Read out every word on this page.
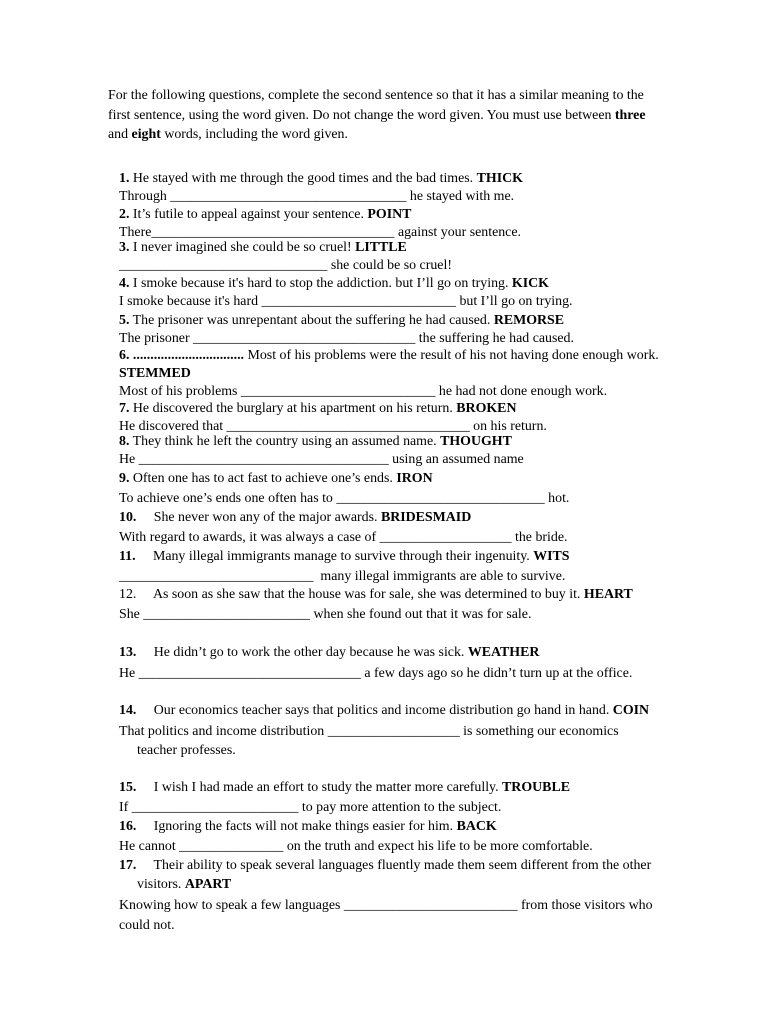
For the following questions, complete the second sentence so that it has a similar meaning to the first sentence, using the word given. Do not change the word given. You must use between three and eight words, including the word given.
1. He stayed with me through the good times and the bad times. THICK
Through __________________________________ he stayed with me.
2. It’s futile to appeal against your sentence. POINT
There___________________________________ against your sentence.
3. I never imagined she could be so cruel! LITTLE
______________________________ she could be so cruel!
4. I smoke because it's hard to stop the addiction. but I’ll go on trying. KICK
I smoke because it's hard ____________________________ but I’ll go on trying.
5. The prisoner was unrepentant about the suffering he had caused. REMORSE
The prisoner ________________________________ the suffering he had caused.
6. ................................ Most of his problems were the result of his not having done enough work. STEMMED
Most of his problems ____________________________ he had not done enough work.
7. He discovered the burglary at his apartment on his return. BROKEN
He discovered that ___________________________________ on his return.
8. They think he left the country using an assumed name. THOUGHT
He ____________________________________ using an assumed name
9. Often one has to act fast to achieve one’s ends. IRON
To achieve one’s ends one often has to ______________________________ hot.
10.     She never won any of the major awards. BRIDESMAID
With regard to awards, it was always a case of ___________________ the bride.
11.     Many illegal immigrants manage to survive through their ingenuity. WITS
____________________________  many illegal immigrants are able to survive.
12.     As soon as she saw that the house was for sale, she was determined to buy it. HEART
She ________________________ when she found out that it was for sale.
13.     He didn’t go to work the other day because he was sick. WEATHER
He ________________________________ a few days ago so he didn’t turn up at the office.
14.     Our economics teacher says that politics and income distribution go hand in hand. COIN
That politics and income distribution ___________________ is something our economics teacher professes.
15.     I wish I had made an effort to study the matter more carefully. TROUBLE
If ________________________ to pay more attention to the subject.
16.     Ignoring the facts will not make things easier for him. BACK
He cannot _______________ on the truth and expect his life to be more comfortable.
17.     Their ability to speak several languages fluently made them seem different from the other visitors. APART
Knowing how to speak a few languages _________________________ from those visitors who could not.
